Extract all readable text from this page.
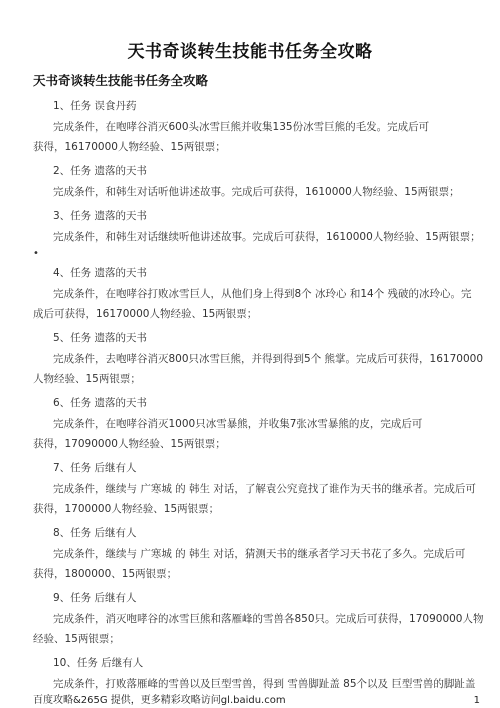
天书奇谈转生技能书任务全攻略
天书奇谈转生技能书任务全攻略
1、任务 误食丹药
完成条件，在咆哮谷消灭600头冰雪巨熊并收集135份冰雪巨熊的毛发。完成后可
获得，16170000人物经验、15两银票；
2、任务 遗落的天书
完成条件，和韩生对话听他讲述故事。完成后可获得，1610000人物经验、15两银票；
3、任务 遗落的天书
完成条件，和韩生对话继续听他讲述故事。完成后可获得，1610000人物经验、15两银票；
•
4、任务 遗落的天书
完成条件，在咆哮谷打败冰雪巨人，从他们身上得到8个 冰玲心 和14个 残破的冰玲心。完
成后可获得，16170000人物经验、15两银票；
5、任务 遗落的天书
完成条件，去咆哮谷消灭800只冰雪巨熊，并得到得到5个 熊掌。完成后可获得，16170000
人物经验、15两银票；
6、任务 遗落的天书
完成条件，在咆哮谷消灭1000只冰雪暴熊，并收集7张冰雪暴熊的皮，完成后可
获得，17090000人物经验、15两银票；
7、任务 后继有人
完成条件，继续与 广寒城 的 韩生 对话，了解袁公究竟找了谁作为天书的继承者。完成后可
获得，1700000人物经验、15两银票；
8、任务 后继有人
完成条件，继续与 广寒城 的 韩生 对话，猜测天书的继承者学习天书花了多久。完成后可
获得，1800000、15两银票；
9、任务 后继有人
完成条件，消灭咆哮谷的冰雪巨熊和落雁峰的雪兽各850只。完成后可获得，17090000人物
经验、15两银票；
10、任务 后继有人
完成条件，打败落雁峰的雪兽以及巨型雪兽，得到 雪兽脚趾盖 85个以及 巨型雪兽的脚趾盖
百度攻略&265G 提供，更多精彩攻略访问gl.baidu.com	1
